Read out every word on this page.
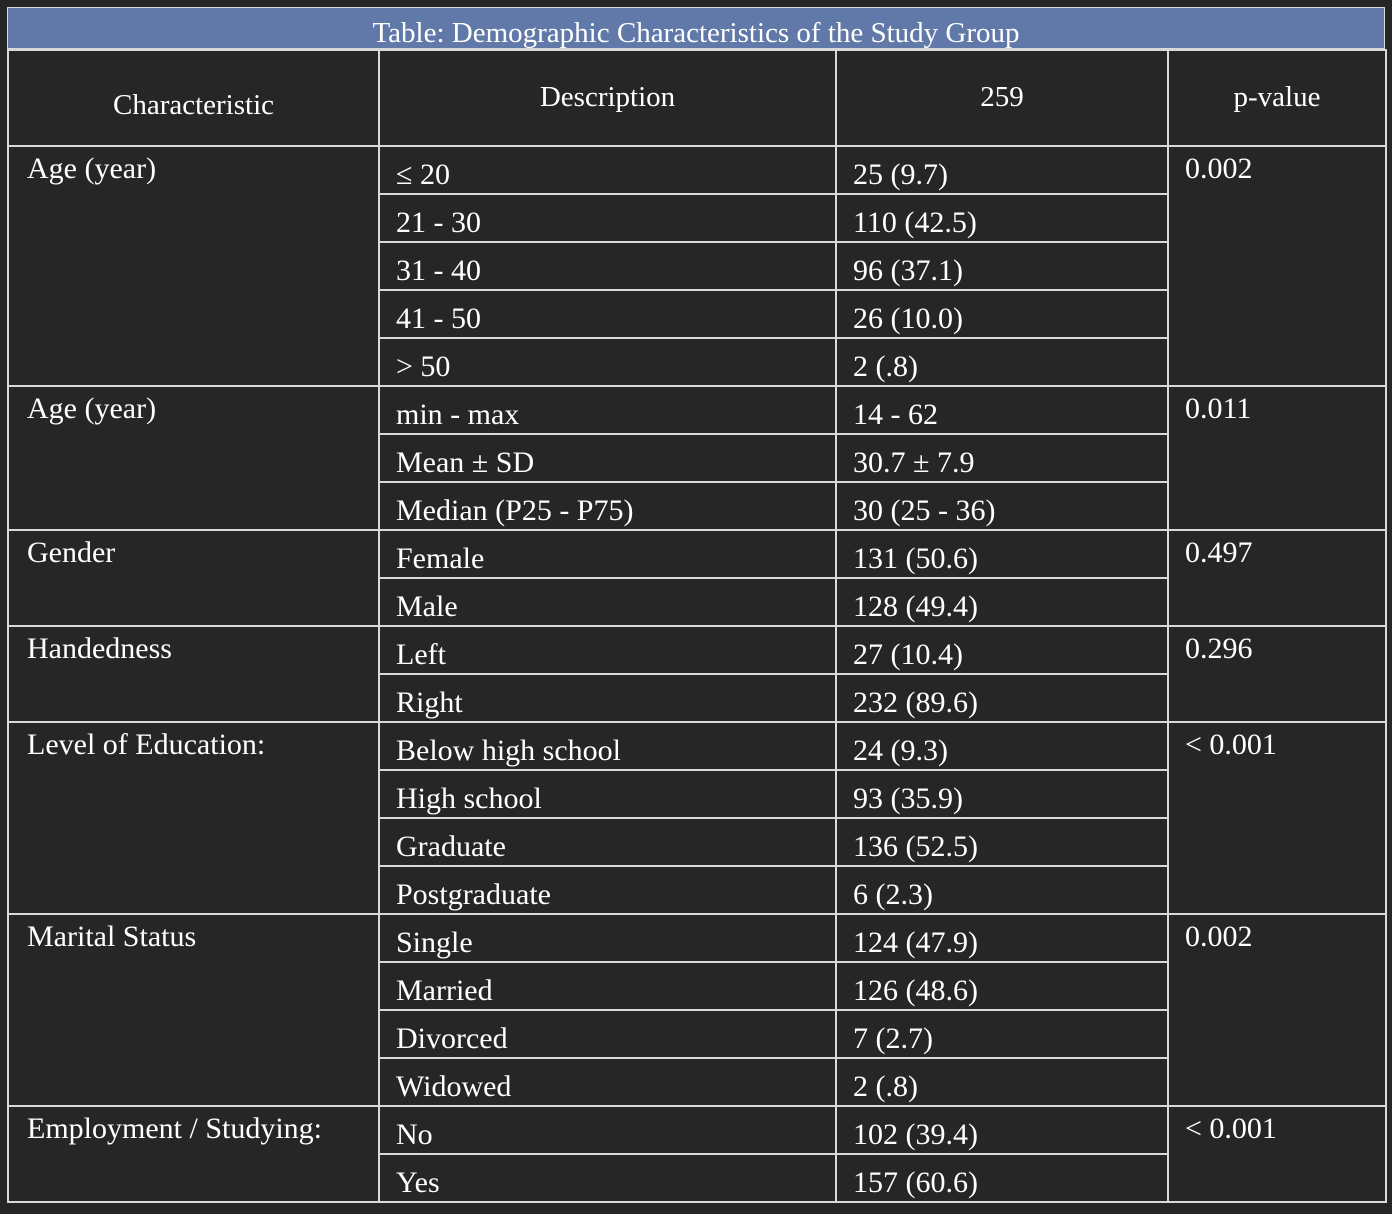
Table: Demographic Characteristics of the Study Group
Characteristic	Description	259	p-value
Age (year)	≤ 20	25 (9.7)	0.002
	21 - 30	110 (42.5)	
	31 - 40	96 (37.1)	
	41 - 50	26 (10.0)	
	> 50	2 (.8)	
Age (year)	min - max	14 - 62	0.011
	Mean ± SD	30.7 ± 7.9	
	Median (P25 - P75)	30 (25 - 36)	
Gender	Female	131 (50.6)	0.497
	Male	128 (49.4)	
Handedness	Left	27 (10.4)	0.296
	Right	232 (89.6)	
Level of Education:	Below high school	24 (9.3)	< 0.001
	High school	93 (35.9)	
	Graduate	136 (52.5)	
	Postgraduate	6 (2.3)	
Marital Status	Single	124 (47.9)	0.002
	Married	126 (48.6)	
	Divorced	7 (2.7)	
	Widowed	2 (.8)	
Employment / Studying:	No	102 (39.4)	< 0.001
	Yes	157 (60.6)	
